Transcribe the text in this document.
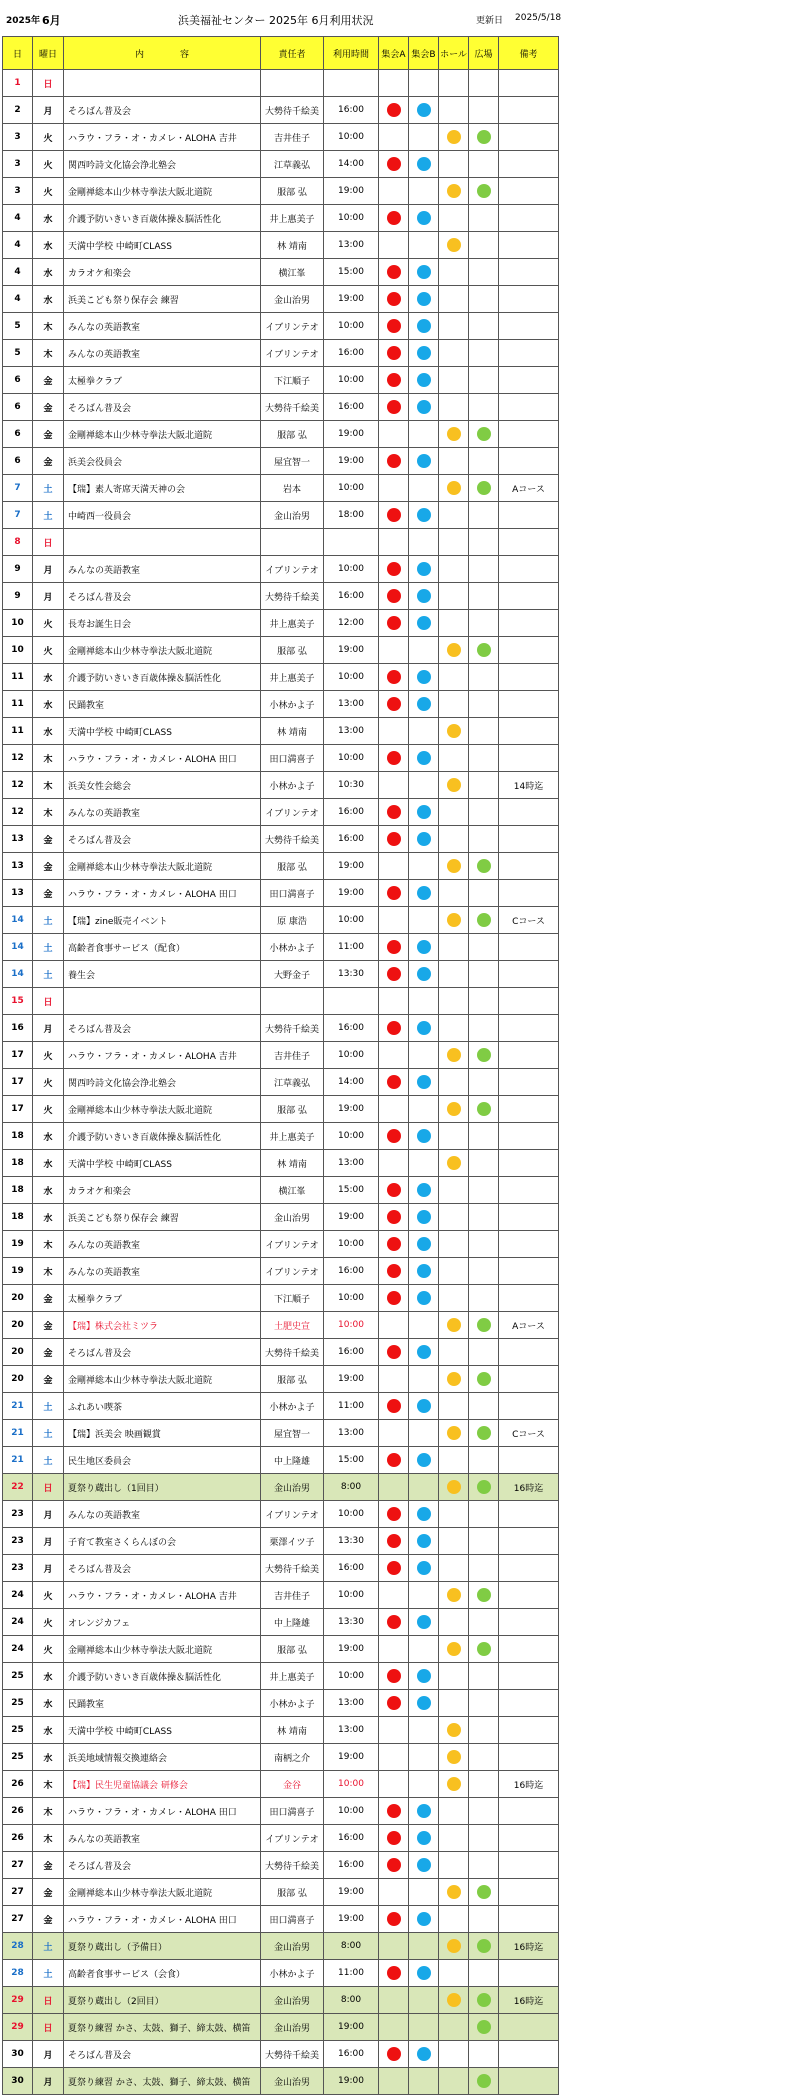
2025年 6月	浜美福祉センター 2025年 6月利用状況	更新日 2025/5/18
日	曜日	内　　　　容	責任者	利用時間	集会A	集会B	ホール	広場	備考
1	日								
2	月	そろばん普及会	大勢待千絵美	16:00					
3	火	ハラウ・フラ・オ・カメレ・ALOHA 吉井	吉井佳子	10:00					
3	火	関西吟詩文化協会浄北塾会	江草義弘	14:00					
3	火	金剛禅総本山少林寺拳法大阪北道院	服部 弘	19:00					
4	水	介護予防いきいき百歳体操＆脳活性化	井上惠美子	10:00					
4	水	天満中学校 中崎町CLASS	林 靖南	13:00					
4	水	カラオケ和楽会	横江峯	15:00					
4	水	浜美こども祭り保存会 練習	金山治男	19:00					
5	木	みんなの英語教室	イブリンテオ	10:00					
5	木	みんなの英語教室	イブリンテオ	16:00					
6	金	太極拳クラブ	下江順子	10:00					
6	金	そろばん普及会	大勢待千絵美	16:00					
6	金	金剛禅総本山少林寺拳法大阪北道院	服部 弘	19:00					
6	金	浜美会役員会	屋宜智一	19:00					
7	土	【瑞】素人寄席天満天神の会	岩本	10:00					Aコース
7	土	中崎西一役員会	金山治男	18:00					
8	日								
9	月	みんなの英語教室	イブリンテオ	10:00					
9	月	そろばん普及会	大勢待千絵美	16:00					
10	火	長寿お誕生日会	井上惠美子	12:00					
10	火	金剛禅総本山少林寺拳法大阪北道院	服部 弘	19:00					
11	水	介護予防いきいき百歳体操＆脳活性化	井上惠美子	10:00					
11	水	民踊教室	小林かよ子	13:00					
11	水	天満中学校 中崎町CLASS	林 靖南	13:00					
12	木	ハラウ・フラ・オ・カメレ・ALOHA 田口	田口満喜子	10:00					
12	木	浜美女性会総会	小林かよ子	10:30					14時迄
12	木	みんなの英語教室	イブリンテオ	16:00					
13	金	そろばん普及会	大勢待千絵美	16:00					
13	金	金剛禅総本山少林寺拳法大阪北道院	服部 弘	19:00					
13	金	ハラウ・フラ・オ・カメレ・ALOHA 田口	田口満喜子	19:00					
14	土	【瑞】zine販売イベント	原 康浩	10:00					Cコース
14	土	高齢者食事サービス（配食）	小林かよ子	11:00					
14	土	養生会	大野金子	13:30					
15	日								
16	月	そろばん普及会	大勢待千絵美	16:00					
17	火	ハラウ・フラ・オ・カメレ・ALOHA 吉井	吉井佳子	10:00					
17	火	関西吟詩文化協会浄北塾会	江草義弘	14:00					
17	火	金剛禅総本山少林寺拳法大阪北道院	服部 弘	19:00					
18	水	介護予防いきいき百歳体操＆脳活性化	井上惠美子	10:00					
18	水	天満中学校 中崎町CLASS	林 靖南	13:00					
18	水	カラオケ和楽会	横江峯	15:00					
18	水	浜美こども祭り保存会 練習	金山治男	19:00					
19	木	みんなの英語教室	イブリンテオ	10:00					
19	木	みんなの英語教室	イブリンテオ	16:00					
20	金	太極拳クラブ	下江順子	10:00					
20	金	【瑞】株式会社ミツラ	土肥史宣	10:00					Aコース
20	金	そろばん普及会	大勢待千絵美	16:00					
20	金	金剛禅総本山少林寺拳法大阪北道院	服部 弘	19:00					
21	土	ふれあい喫茶	小林かよ子	11:00					
21	土	【瑞】浜美会 映画観賞	屋宜智一	13:00					Cコース
21	土	民生地区委員会	中上隆雄	15:00					
22	日	夏祭り蔵出し（1回目）	金山治男	8:00					16時迄
23	月	みんなの英語教室	イブリンテオ	10:00					
23	月	子育て教室さくらんぼの会	栗澤イツ子	13:30					
23	月	そろばん普及会	大勢待千絵美	16:00					
24	火	ハラウ・フラ・オ・カメレ・ALOHA 吉井	吉井佳子	10:00					
24	火	オレンジカフェ	中上隆雄	13:30					
24	火	金剛禅総本山少林寺拳法大阪北道院	服部 弘	19:00					
25	水	介護予防いきいき百歳体操＆脳活性化	井上惠美子	10:00					
25	水	民踊教室	小林かよ子	13:00					
25	水	天満中学校 中崎町CLASS	林 靖南	13:00					
25	水	浜美地域情報交換連絡会	南柄之介	19:00					
26	木	【瑞】民生児童協議会 研修会	金谷	10:00					16時迄
26	木	ハラウ・フラ・オ・カメレ・ALOHA 田口	田口満喜子	10:00					
26	木	みんなの英語教室	イブリンテオ	16:00					
27	金	そろばん普及会	大勢待千絵美	16:00					
27	金	金剛禅総本山少林寺拳法大阪北道院	服部 弘	19:00					
27	金	ハラウ・フラ・オ・カメレ・ALOHA 田口	田口満喜子	19:00					
28	土	夏祭り蔵出し（予備日）	金山治男	8:00					16時迄
28	土	高齢者食事サービス（会食）	小林かよ子	11:00					
29	日	夏祭り蔵出し（2回目）	金山治男	8:00					16時迄
29	日	夏祭り練習 かさ、太鼓、獅子、締太鼓、横笛	金山治男	19:00					
30	月	そろばん普及会	大勢待千絵美	16:00					
30	月	夏祭り練習 かさ、太鼓、獅子、締太鼓、横笛	金山治男	19:00					
